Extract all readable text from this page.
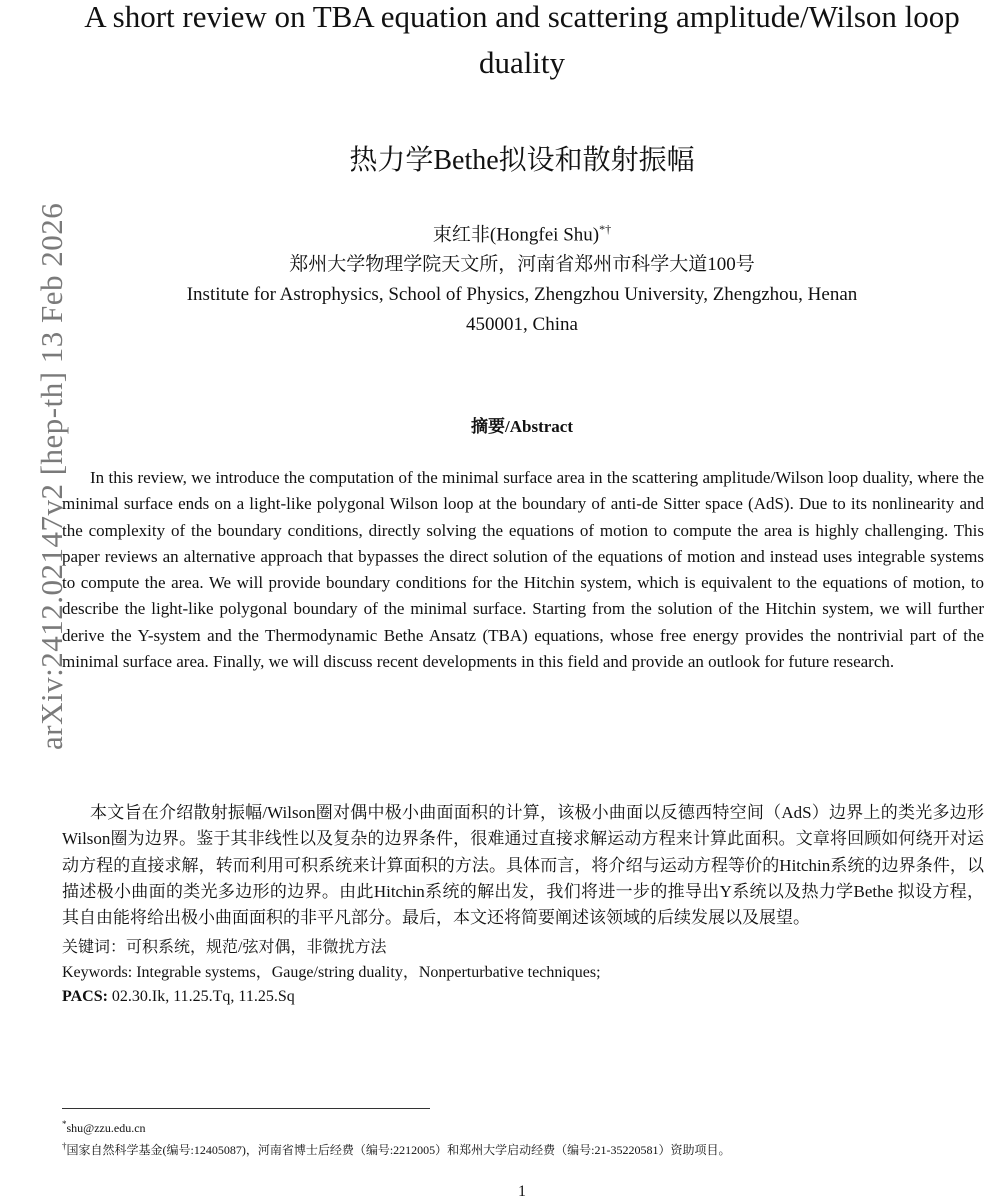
arXiv:2412.02147v2 [hep-th] 13 Feb 2026
A short review on TBA equation and scattering amplitude/Wilson loop
duality
热力学Bethe拟设和散射振幅
束红非(Hongfei Shu)*†
郑州大学物理学院天文所，河南省郑州市科学大道100号
Institute for Astrophysics, School of Physics, Zhengzhou University, Zhengzhou, Henan
450001, China
摘要/Abstract
In this review, we introduce the computation of the minimal surface area in the scattering amplitude/Wilson loop duality, where the minimal surface ends on a light-like polygonal Wilson loop at the boundary of anti-de Sitter space (AdS). Due to its nonlinearity and the complexity of the boundary conditions, directly solving the equations of motion to compute the area is highly challenging. This paper reviews an alternative approach that bypasses the direct solution of the equations of motion and instead uses integrable systems to compute the area. We will provide boundary conditions for the Hitchin system, which is equivalent to the equations of motion, to describe the light-like polygonal boundary of the minimal surface. Starting from the solution of the Hitchin system, we will further derive the Y-system and the Thermodynamic Bethe Ansatz (TBA) equations, whose free energy provides the nontrivial part of the minimal surface area. Finally, we will discuss recent developments in this field and provide an outlook for future research.
本文旨在介绍散射振幅/Wilson圈对偶中极小曲面面积的计算，该极小曲面以反德西特空间（AdS）边界上的类光多边形Wilson圈为边界。鉴于其非线性以及复杂的边界条件，很难通过直接求解运动方程来计算此面积。文章将回顾如何绕开对运动方程的直接求解，转而利用可积系统来计算面积的方法。具体而言，将介绍与运动方程等价的Hitchin系统的边界条件，以描述极小曲面的类光多边形的边界。由此Hitchin系统的解出发，我们将进一步的推导出Y系统以及热力学Bethe 拟设方程，其自由能将给出极小曲面面积的非平凡部分。最后，本文还将简要阐述该领域的后续发展以及展望。
关键词：可积系统，规范/弦对偶，非微扰方法
Keywords: Integrable systems，Gauge/string duality，Nonperturbative techniques;
PACS: 02.30.Ik, 11.25.Tq, 11.25.Sq
*shu@zzu.edu.cn
†国家自然科学基金(编号:12405087)，河南省博士后经费（编号:2212005）和郑州大学启动经费（编号:21-35220581）资助项目。
1
